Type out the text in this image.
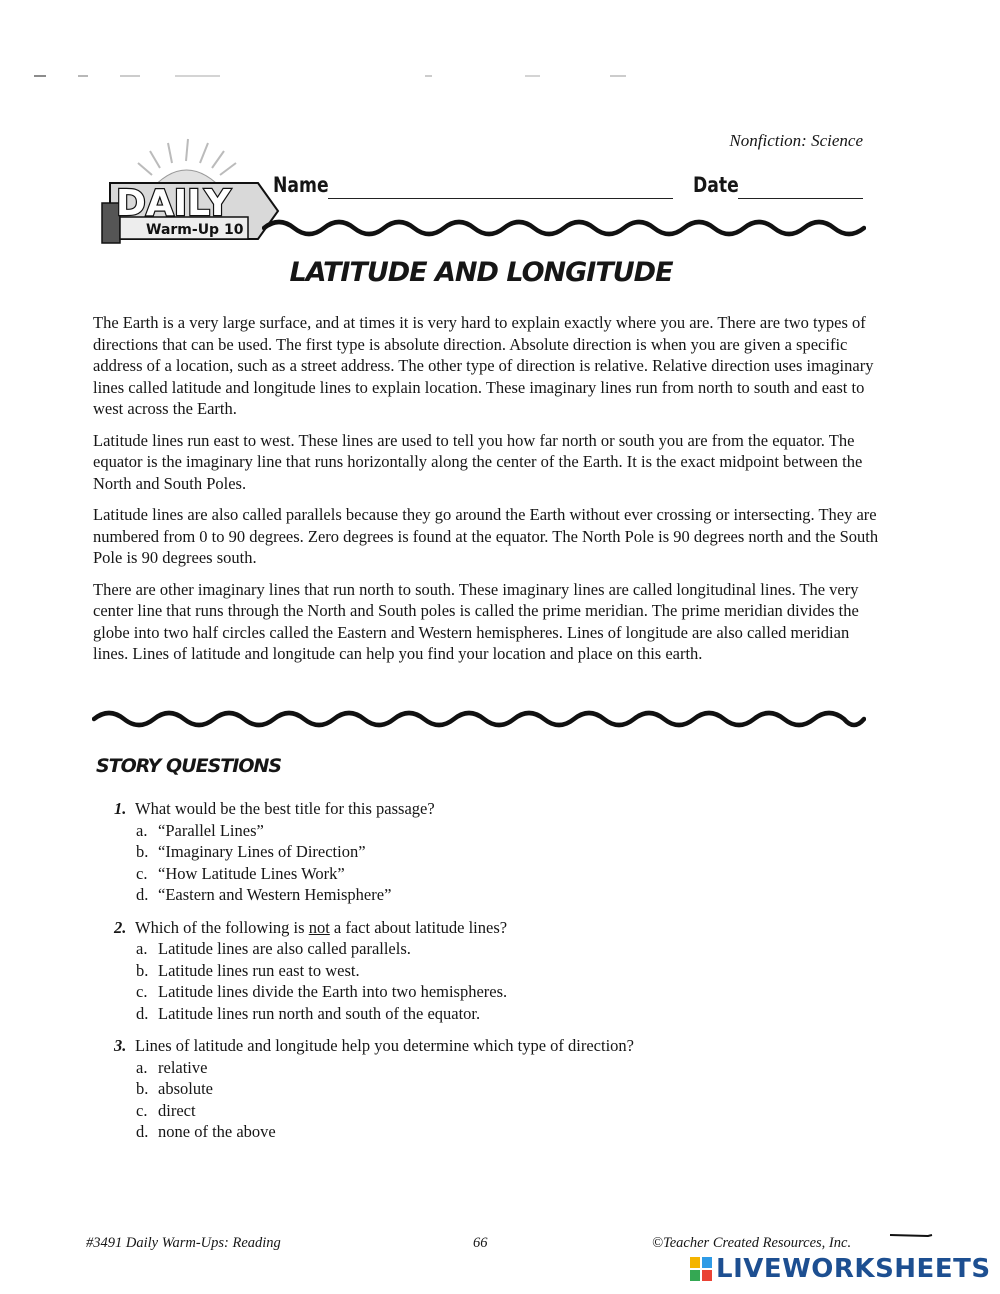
Nonfiction: Science
DAILY
Warm-Up 10
Name	Date
LATITUDE AND LONGITUDE

The Earth is a very large surface, and at times it is very hard to explain exactly where you are. There are two types of directions that can be used. The first type is absolute direction. Absolute direction is when you are given a specific address of a location, such as a street address. The other type of direction is relative. Relative direction uses imaginary lines called latitude and longitude lines to explain location. These imaginary lines run from north to south and east to west across the Earth.

Latitude lines run east to west. These lines are used to tell you how far north or south you are from the equator. The equator is the imaginary line that runs horizontally along the center of the Earth. It is the exact midpoint between the North and South Poles.

Latitude lines are also called parallels because they go around the Earth without ever crossing or intersecting. They are numbered from 0 to 90 degrees. Zero degrees is found at the equator. The North Pole is 90 degrees north and the South Pole is 90 degrees south.

There are other imaginary lines that run north to south. These imaginary lines are called longitudinal lines. The very center line that runs through the North and South poles is called the prime meridian. The prime meridian divides the globe into two half circles called the Eastern and Western hemispheres. Lines of longitude are also called meridian lines. Lines of latitude and longitude can help you find your location and place on this earth.

STORY QUESTIONS
1. What would be the best title for this passage?
a. “Parallel Lines”
b. “Imaginary Lines of Direction”
c. “How Latitude Lines Work”
d. “Eastern and Western Hemisphere”
2. Which of the following is not a fact about latitude lines?
a. Latitude lines are also called parallels.
b. Latitude lines run east to west.
c. Latitude lines divide the Earth into two hemispheres.
d. Latitude lines run north and south of the equator.
3. Lines of latitude and longitude help you determine which type of direction?
a. relative
b. absolute
c. direct
d. none of the above
#3491 Daily Warm-Ups: Reading	66	©Teacher Created Resources, Inc.
LIVEWORKSHEETS
